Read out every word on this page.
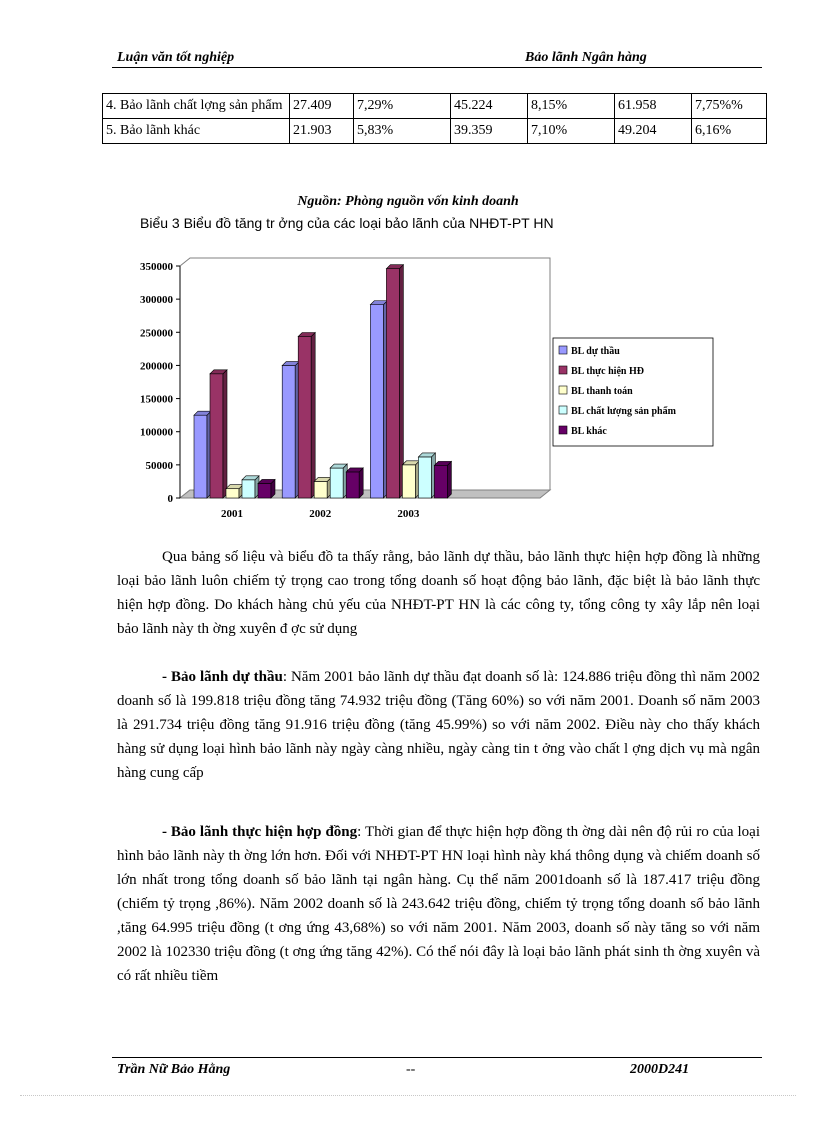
Luận văn tốt nghiệp	Bảo lãnh Ngân hàng
4. Bảo lãnh chất lợng sản phẩm	27.409	7,29%	45.224	8,15%	61.958	7,75%%
5. Bảo lãnh khác	21.903	5,83%	39.359	7,10%	49.204	6,16%
Nguồn: Phòng nguồn vốn kinh doanh
Biểu 3 Biểu đồ tăng tr ởng của các loại bảo lãnh của NHĐT-PT HN
350000
300000
250000
200000
150000
100000
50000
0
2001	2002	2003
BL dự thầu
BL thực hiện HĐ
BL thanh toán
BL chất lượng sản phẩm
BL khác
Qua bảng số liệu và biểu đồ ta thấy rằng, bảo lãnh dự thầu, bảo lãnh thực hiện hợp đồng là những loại bảo lãnh luôn chiếm tỷ trọng cao trong tổng doanh số hoạt động bảo lãnh, đặc biệt là bảo lãnh thực hiện hợp đồng. Do khách hàng chủ yếu của NHĐT-PT HN là các công ty, tổng công ty xây lắp nên loại bảo lãnh này th ờng xuyên đ ợc sử dụng
- Bảo lãnh dự thầu: Năm 2001 bảo lãnh dự thầu đạt doanh số là: 124.886 triệu đồng thì năm 2002 doanh số là 199.818 triệu đồng tăng 74.932 triệu đồng (Tăng 60%) so với năm 2001. Doanh số năm 2003 là 291.734 triệu đồng tăng 91.916 triệu đồng (tăng 45.99%) so với năm 2002. Điều này cho thấy khách hàng sử dụng loại hình bảo lãnh này ngày càng nhiều, ngày càng tin t ởng vào chất l ợng dịch vụ mà ngân hàng cung cấp
- Bảo lãnh thực hiện hợp đồng: Thời gian để thực hiện hợp đồng th ờng dài nên độ rủi ro của loại hình bảo lãnh này th ờng lớn hơn. Đối với NHĐT-PT HN loại hình này khá thông dụng và chiếm doanh số lớn nhất trong tổng doanh số bảo lãnh tại ngân hàng. Cụ thể năm 2001doanh số là 187.417 triệu đồng (chiếm tỷ trọng ,86%). Năm 2002 doanh số là 243.642 triệu đồng, chiếm tỷ trọng tổng doanh số bảo lãnh ,tăng 64.995 triệu đồng (t ơng ứng 43,68%) so với năm 2001. Năm 2003, doanh số này tăng so với năm 2002 là 102330 triệu đồng (t ơng ứng tăng 42%). Có thể nói đây là loại bảo lãnh phát sinh th ờng xuyên và có rất nhiều tiềm
Trần Nữ Bảo Hằng	--	2000D241
